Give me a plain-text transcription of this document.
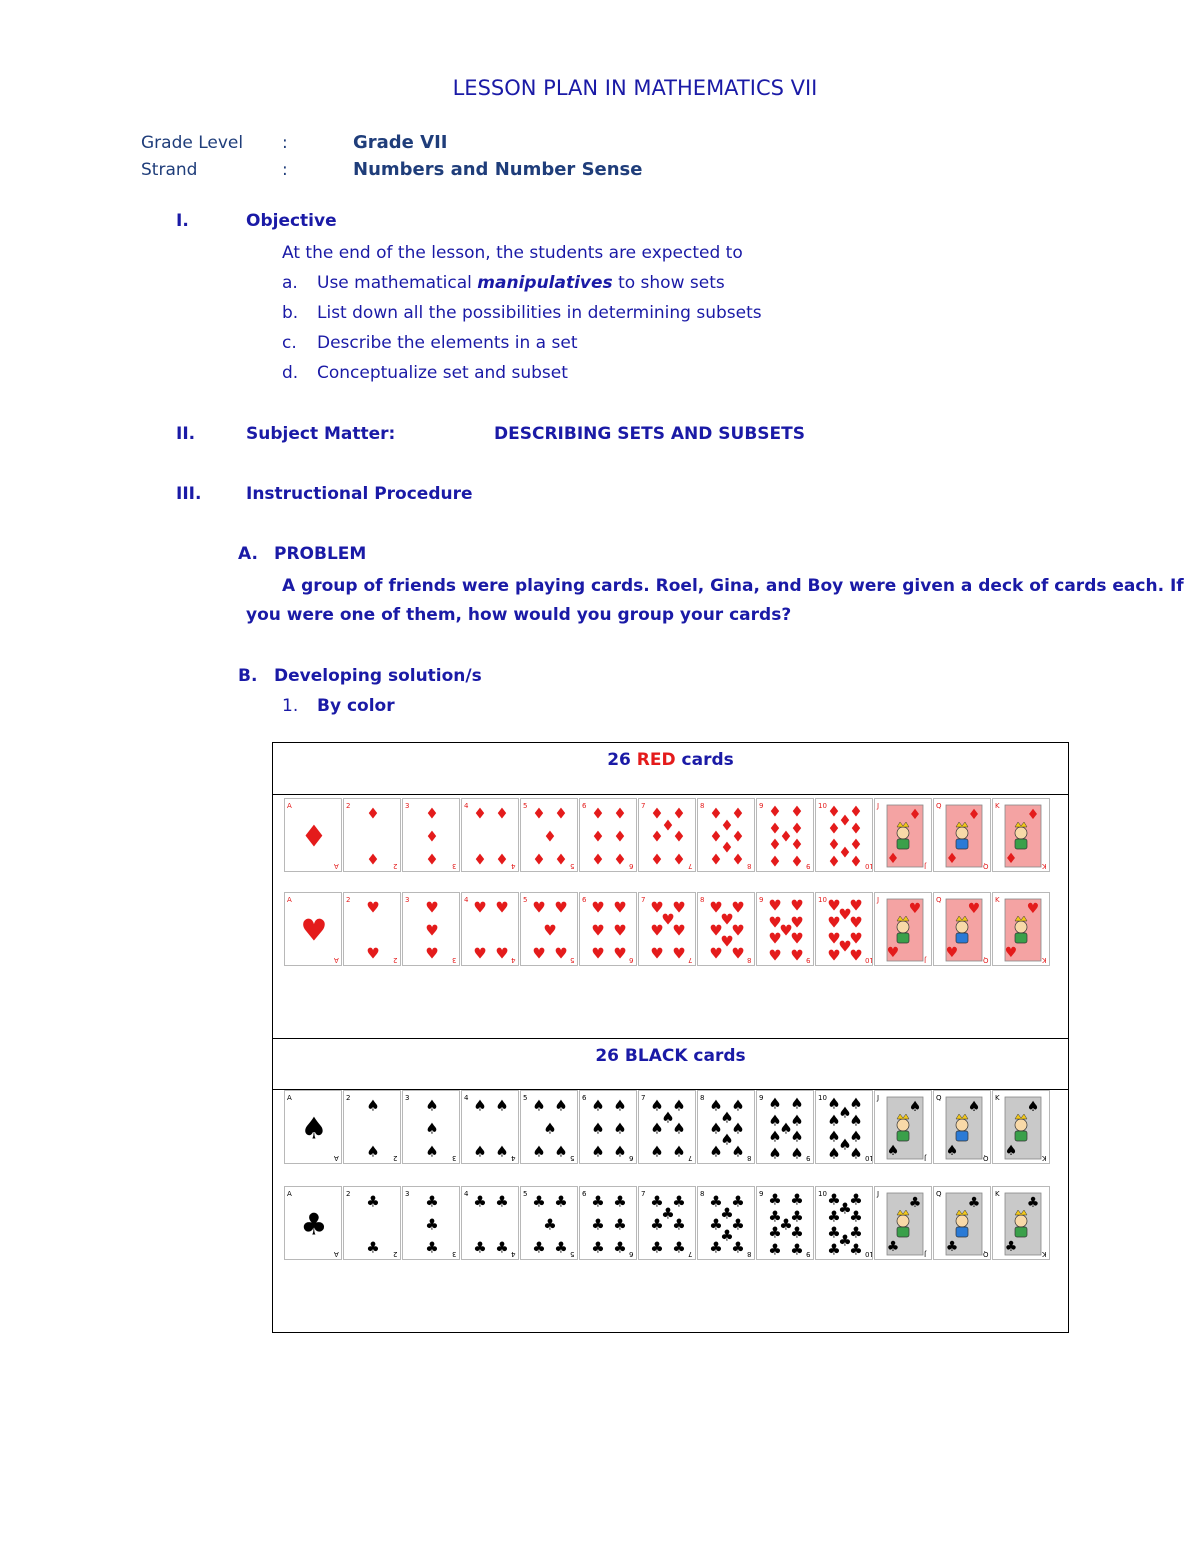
LESSON PLAN IN MATHEMATICS VII
Grade Level :	Grade VII
Strand	:	Numbers and Number Sense
I.	Objective
At the end of the lesson, the students are expected to
a. Use mathematical manipulatives to show sets
b. List down all the possibilities in determining subsets
c. Describe the elements in a set
d. Conceptualize set and subset
II.	Subject Matter:	DESCRIBING SETS AND SUBSETS
III.	Instructional Procedure
A. PROBLEM
A group of friends were playing cards. Roel, Gina, and Boy were given a deck of cards each. If
you were one of them, how would you group your cards?
B. Developing solution/s
1. By color
26 RED cards
A
A
♦
2
2
♦
♦
3
3
♦
♦
♦
4
4
♦ ♦
♦ ♦
5
5
♦ ♦
♦
♦ ♦
6
6
♦ ♦
♦ ♦
♦ ♦
7
7
♦ ♦
♦
♦ ♦
♦ ♦
8
8
♦ ♦
♦
♦ ♦
♦
♦ ♦
9
9
♦ ♦
♦ ♦
♦
♦ ♦
♦ ♦
10
10
♦ ♦
♦
♦ ♦
♦ ♦
♦
♦ ♦
J
J
♦
♦
Q
Q
♦
♦
K
K
♦
♦
A
A
♥
2
2
♥
♥
3
3
♥
♥
♥
4
4
♥ ♥
♥ ♥
5
5
♥ ♥
♥
♥ ♥
6
6
♥ ♥
♥ ♥
♥ ♥
7
7
♥ ♥
♥
♥ ♥
♥ ♥
8
8
♥ ♥
♥
♥ ♥
♥
♥ ♥
9
9
♥ ♥
♥ ♥
♥
♥ ♥
♥ ♥
10
10
♥ ♥
♥
♥ ♥
♥ ♥
♥
♥ ♥
J
J
♥
♥
Q
Q
♥
♥
K
K
♥
♥
26 BLACK cards
A
A
♠
2
2
♠
♠
3
3
♠
♠
♠
4
4
♠ ♠
♠ ♠
5
5
♠ ♠
♠
♠ ♠
6
6
♠ ♠
♠ ♠
♠ ♠
7
7
♠ ♠
♠
♠ ♠
♠ ♠
8
8
♠ ♠
♠
♠ ♠
♠
♠ ♠
9
9
♠ ♠
♠ ♠
♠
♠ ♠
♠ ♠
10
10
♠ ♠
♠
♠ ♠
♠ ♠
♠
♠ ♠
J
J
♠
♠
Q
Q
♠
♠
K
K
♠
♠
A
A
♣
2
2
♣
♣
3
3
♣
♣
♣
4
4
♣ ♣
♣ ♣
5
5
♣ ♣
♣
♣ ♣
6
6
♣ ♣
♣ ♣
♣ ♣
7
7
♣ ♣
♣
♣ ♣
♣ ♣
8
8
♣ ♣
♣
♣ ♣
♣
♣ ♣
9
9
♣ ♣
♣ ♣
♣
♣ ♣
♣ ♣
10
10
♣ ♣
♣
♣ ♣
♣ ♣
♣
♣ ♣
J
J
♣
♣
Q
Q
♣
♣
K
K
♣
♣
